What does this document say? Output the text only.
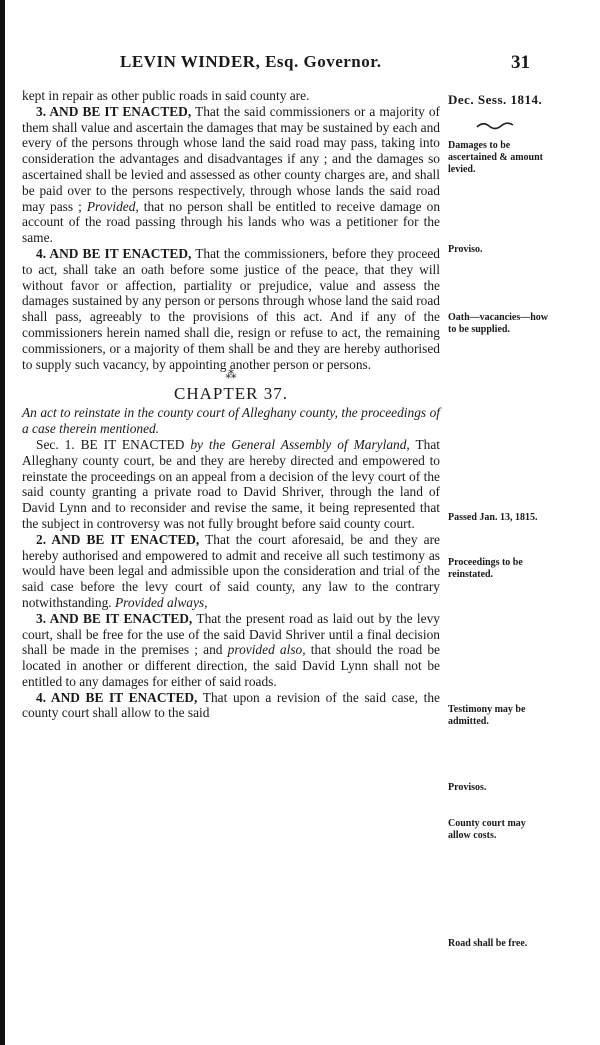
LEVIN WINDER, Esq. Governor.	31
Dec. Sess. 1814.
Damages to be ascertained & amount levied.
Proviso.
Oath—vacancies—how to be supplied.
Passed Jan. 13, 1815.
Proceedings to be reinstated.
Testimony may be admitted.
Provisos.
County court may allow costs.
Road shall be free.

kept in repair as other public roads in said county are.

3. AND BE IT ENACTED, That the said commissioners or a majority of them shall value and ascertain the damages that may be sustained by each and every of the persons through whose land the said road may pass, taking into consideration the advantages and disadvantages if any ; and the damages so ascertained shall be levied and assessed as other county charges are, and shall be paid over to the persons respectively, through whose lands the said road may pass ; Provided, that no person shall be entitled to receive damage on account of the road passing through his lands who was a petitioner for the same.

4. AND BE IT ENACTED, That the commissioners, before they proceed to act, shall take an oath before some justice of the peace, that they will without favor or affection, partiality or prejudice, value and assess the damages sustained by any person or persons through whose land the said road shall pass, agreeably to the provisions of this act. And if any of the commissioners herein named shall die, resign or refuse to act, the remaining commissioners, or a majority of them shall be and they are hereby authorised to supply such vacancy, by appointing another person or persons.

⁂
CHAPTER 37.

An act to reinstate in the county court of Alleghany county, the proceedings of a case therein mentioned.

Sec. 1. BE IT ENACTED by the General Assembly of Maryland, That Alleghany county court, be and they are hereby directed and empowered to reinstate the proceedings on an appeal from a decision of the levy court of the said county granting a private road to David Shriver, through the land of David Lynn and to reconsider and revise the same, it being represented that the subject in controversy was not fully brought before said county court.

2. AND BE IT ENACTED, That the court aforesaid, be and they are hereby authorised and empowered to admit and receive all such testimony as would have been legal and admissible upon the consideration and trial of the said case before the levy court of said county, any law to the contrary notwithstanding. Provided always,

3. AND BE IT ENACTED, That the present road as laid out by the levy court, shall be free for the use of the said David Shriver until a final decision shall be made in the premises ; and provided also, that should the road be located in another or different direction, the said David Lynn shall not be entitled to any damages for either of said roads.

4. AND BE IT ENACTED, That upon a revision of the said case, the county court shall allow to the said
